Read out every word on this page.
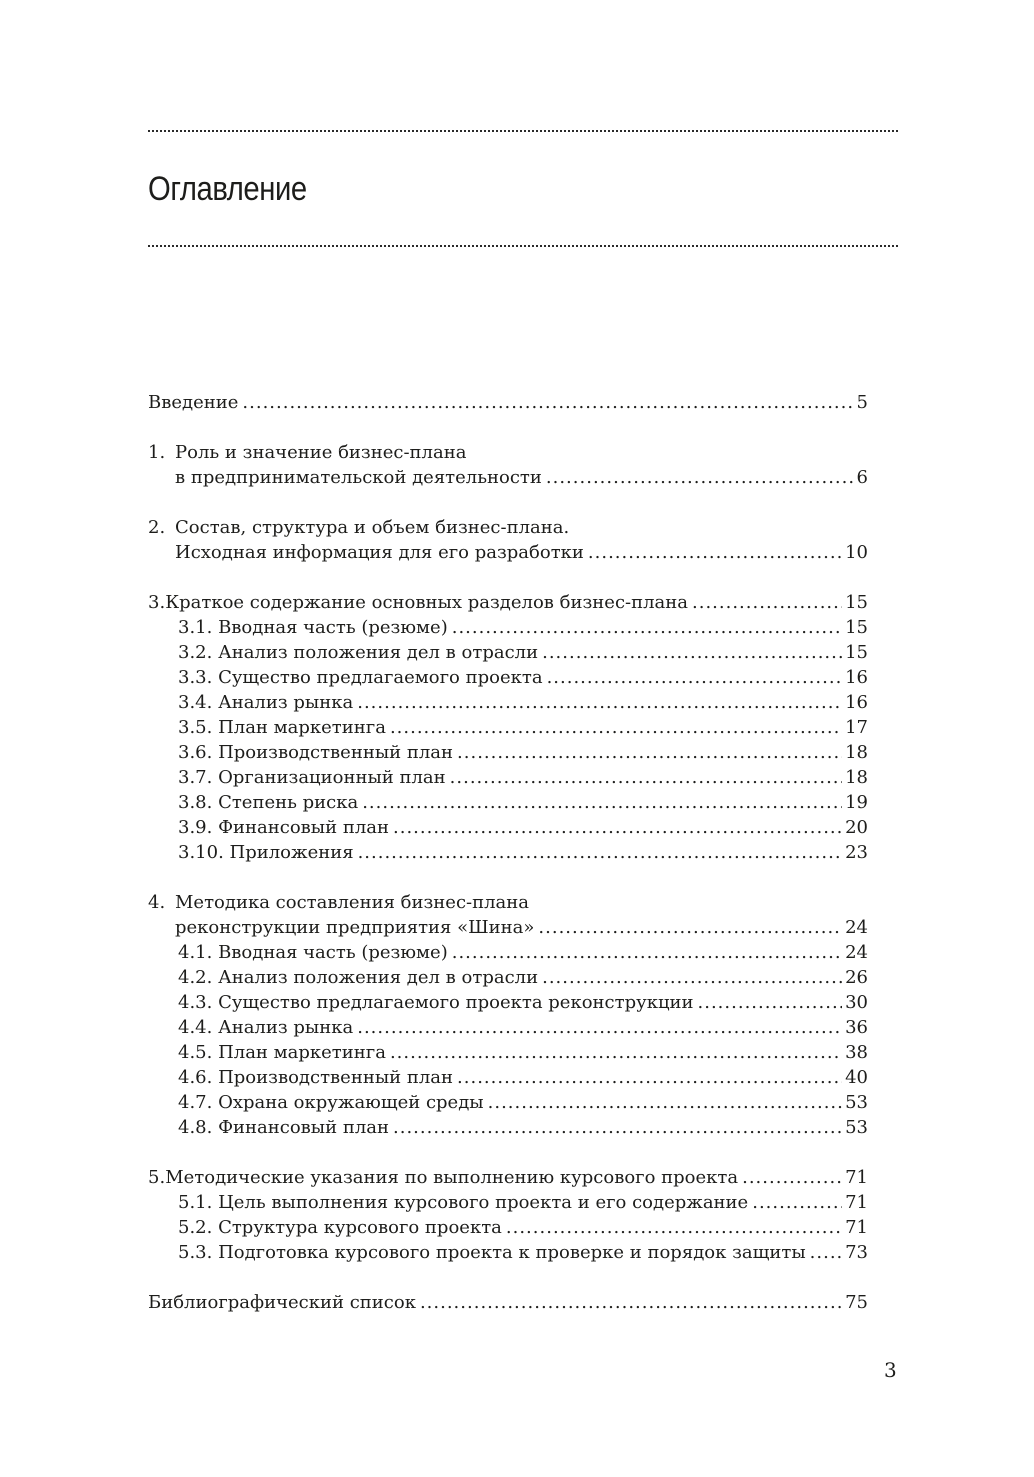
Оглавление
Введение .....	5
1. Роль и значение бизнес-плана
в предпринимательской деятельности .....	6
2. Состав, структура и объем бизнес-плана.
Исходная информация для его разработки .....	10
3. Краткое содержание основных разделов бизнес-плана .....	15
3.1. Вводная часть (резюме) .....	15
3.2. Анализ положения дел в отрасли .....	15
3.3. Существо предлагаемого проекта .....	16
3.4. Анализ рынка .....	16
3.5. План маркетинга .....	17
3.6. Производственный план .....	18
3.7. Организационный план .....	18
3.8. Степень риска .....	19
3.9. Финансовый план .....	20
3.10. Приложения .....	23
4. Методика составления бизнес-плана
реконструкции предприятия «Шина» .....	24
4.1. Вводная часть (резюме) .....	24
4.2. Анализ положения дел в отрасли .....	26
4.3. Существо предлагаемого проекта реконструкции .....	30
4.4. Анализ рынка .....	36
4.5. План маркетинга .....	38
4.6. Производственный план .....	40
4.7. Охрана окружающей среды .....	53
4.8. Финансовый план .....	53
5. Методические указания по выполнению курсового проекта .....	71
5.1. Цель выполнения курсового проекта и его содержание .....	71
5.2. Структура курсового проекта .....	71
5.3. Подготовка курсового проекта к проверке и порядок защиты ..... 73
Библиографический список .....	75
3
